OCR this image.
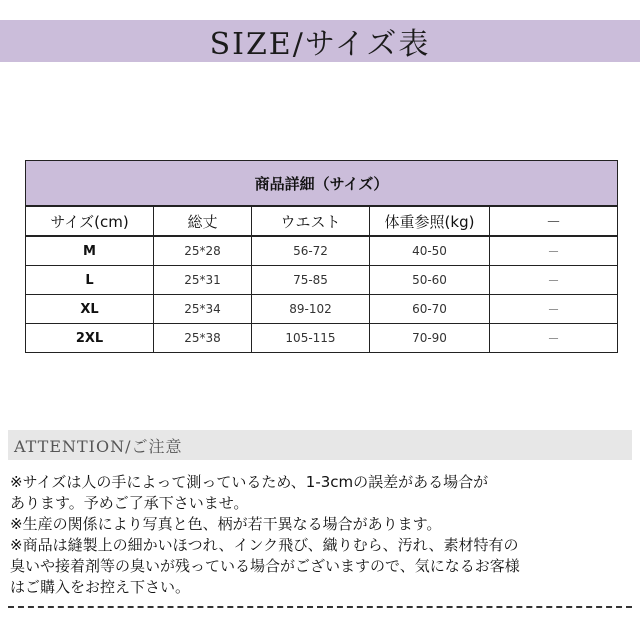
SIZE/サイズ表
商品詳細（サイズ）				
サイズ(cm)	総丈	ウエスト	体重参照(kg)	－
M	25*28	56-72	40-50	－
L	25*31	75-85	50-60	－
XL	25*34	89-102	60-70	－
2XL	25*38	105-115	70-90	－
ATTENTION/ご注意

※サイズは人の手によって測っているため、1-3cmの誤差がある場合が

あります。予めご了承下さいませ。

※生産の関係により写真と色、柄が若干異なる場合があります。

※商品は縫製上の細かいほつれ、インク飛び、織りむら、汚れ、素材特有の

臭いや接着剤等の臭いが残っている場合がございますので、気になるお客様

はご購入をお控え下さい。
